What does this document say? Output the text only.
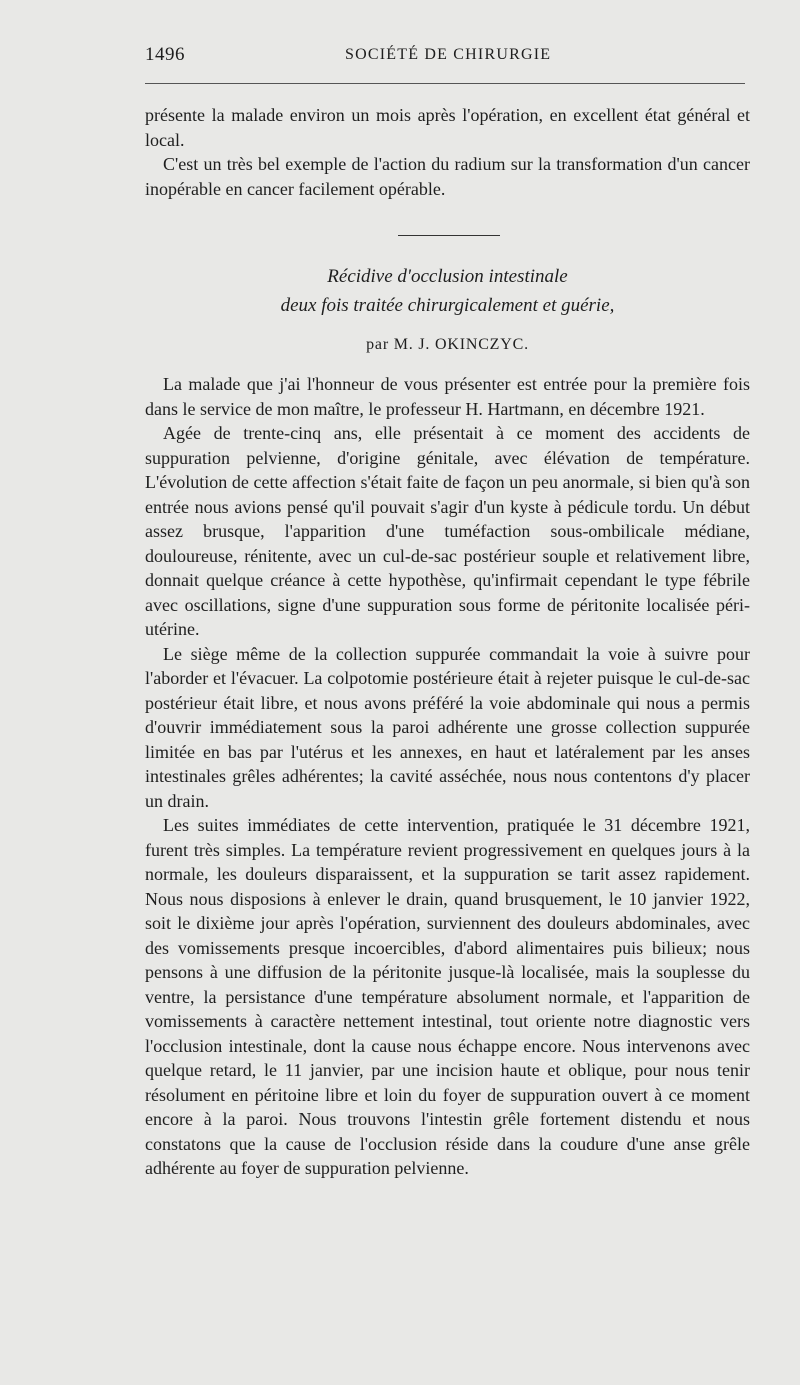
1496	SOCIÉTÉ DE CHIRURGIE

présente la malade environ un mois après l'opération, en excellent état général et local.

C'est un très bel exemple de l'action du radium sur la transformation d'un cancer inopérable en cancer facilement opérable.

Récidive d'occlusion intestinale
deux fois traitée chirurgicalement et guérie,
par M. J. OKINCZYC.

La malade que j'ai l'honneur de vous présenter est entrée pour la première fois dans le service de mon maître, le professeur H. Hartmann, en décembre 1921.

Agée de trente-cinq ans, elle présentait à ce moment des accidents de suppuration pelvienne, d'origine génitale, avec élévation de température. L'évolution de cette affection s'était faite de façon un peu anormale, si bien qu'à son entrée nous avions pensé qu'il pouvait s'agir d'un kyste à pédicule tordu. Un début assez brusque, l'apparition d'une tuméfaction sous-ombilicale médiane, douloureuse, rénitente, avec un cul-de-sac postérieur souple et relativement libre, donnait quelque créance à cette hypothèse, qu'infirmait cependant le type fébrile avec oscillations, signe d'une suppuration sous forme de péritonite localisée péri-utérine.

Le siège même de la collection suppurée commandait la voie à suivre pour l'aborder et l'évacuer. La colpotomie postérieure était à rejeter puisque le cul-de-sac postérieur était libre, et nous avons préféré la voie abdominale qui nous a permis d'ouvrir immédiatement sous la paroi adhérente une grosse collection suppurée limitée en bas par l'utérus et les annexes, en haut et latéralement par les anses intestinales grêles adhérentes; la cavité asséchée, nous nous contentons d'y placer un drain.

Les suites immédiates de cette intervention, pratiquée le 31 décembre 1921, furent très simples. La température revient progressivement en quelques jours à la normale, les douleurs disparaissent, et la suppuration se tarit assez rapidement. Nous nous disposions à enlever le drain, quand brusquement, le 10 janvier 1922, soit le dixième jour après l'opération, surviennent des douleurs abdominales, avec des vomissements presque incoercibles, d'abord alimentaires puis bilieux; nous pensons à une diffusion de la péritonite jusque-là localisée, mais la souplesse du ventre, la persistance d'une température absolument normale, et l'apparition de vomissements à caractère nettement intestinal, tout oriente notre diagnostic vers l'occlusion intestinale, dont la cause nous échappe encore. Nous intervenons avec quelque retard, le 11 janvier, par une incision haute et oblique, pour nous tenir résolument en péritoine libre et loin du foyer de suppuration ouvert à ce moment encore à la paroi. Nous trouvons l'intestin grêle fortement distendu et nous constatons que la cause de l'occlusion réside dans la coudure d'une anse grêle adhérente au foyer de suppuration pelvienne.
